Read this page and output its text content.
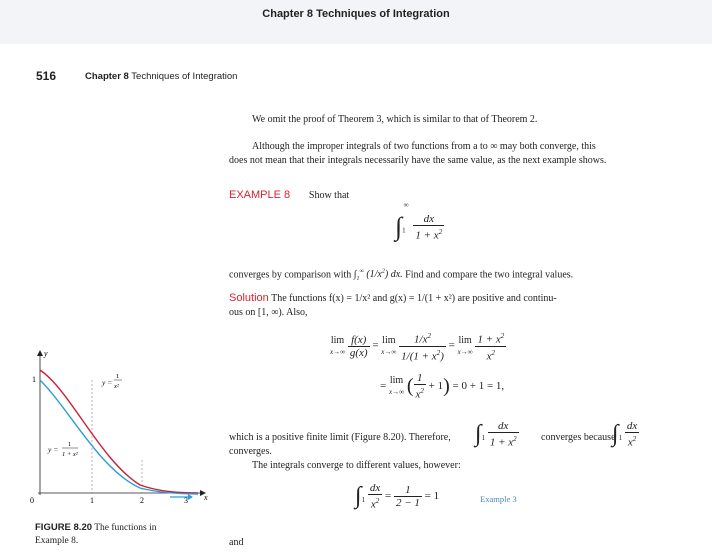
Chapter 8 Techniques of Integration
516	Chapter 8 Techniques of Integration
We omit the proof of Theorem 3, which is similar to that of Theorem 2.
Although the improper integrals of two functions from a to ∞ may both converge, this
does not mean that their integrals necessarily have the same value, as the next example shows.
EXAMPLE 8 Show that
$\int_1^\infty$
$\frac{dx}{1 + x^2}$
converges by comparison with $\int_1^\infty$ $(1/x^2)$ dx. Find and compare the two integral values.
Solution The functions f(x) = 1/x² and g(x) = 1/(1 + x²) are positive and continu-
ous on [1, ∞). Also,
lim
$x\to\infty \frac{f(x)}{g(x)} = \lim$
$x\to\infty \frac{1/x^2}{1/(1 + x^2)} = \lim$
$x\to\infty \frac{1 + x^2}{x^2}$
= lim
x→∞ ( $\frac{1}{x^2} + 1) = 0 + 1 = 1$,
which is a positive finite limit (Figure 8.20). Therefore, $\int_1 \frac{dx}{1 + x^2}$ converges because
$\int_1 \frac{dx}{x^2}$
converges.
The integrals converge to different values, however:
$\int_1 \frac{dx}{x^2} = \frac{1}{2 - 1} = 1$	Example 3
and
x
y
0	1	2	3
1	y =
1
x²
y =
1
1 + x²
FIGURE 8.20 The functions in
Example 8.
